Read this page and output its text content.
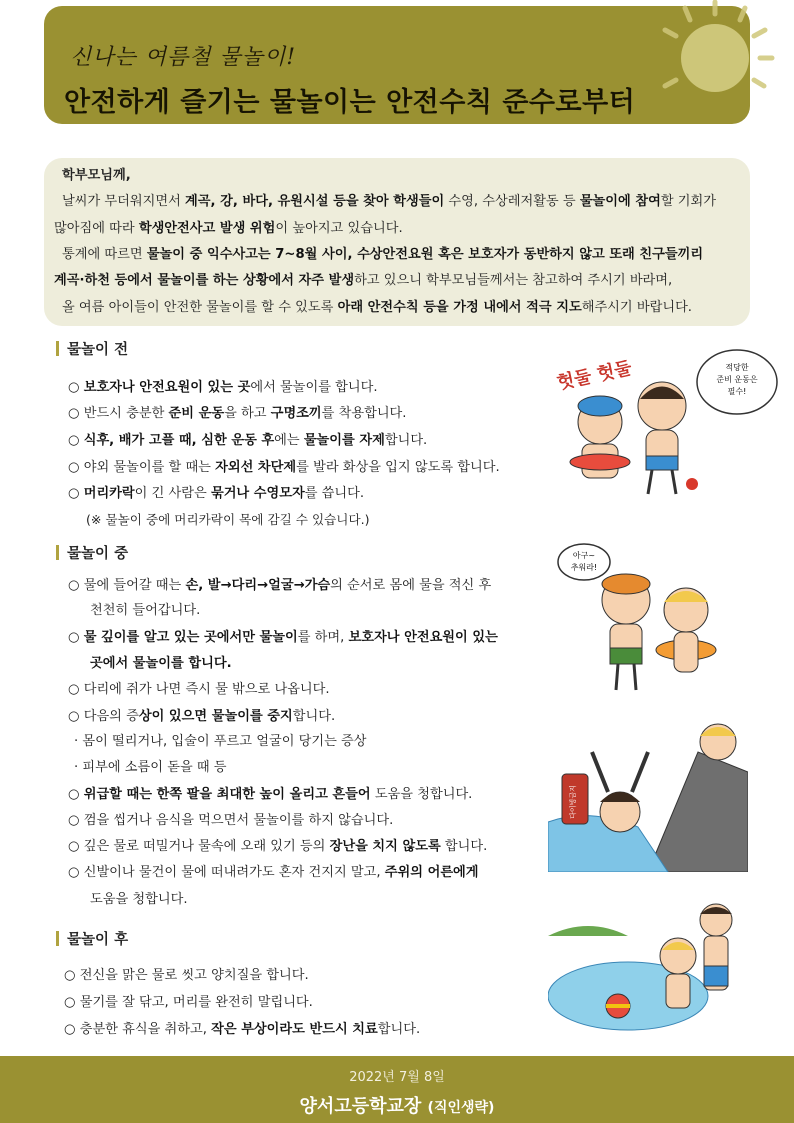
신나는 여름철 물놀이!
안전하게 즐기는 물놀이는 안전수칙 준수로부터

학부모님께,

날씨가 무더워지면서 계곡, 강, 바다, 유원시설 등을 찾아 학생들이 수영, 수상레저활동 등 물놀이에 참여할 기회가

많아짐에 따라 학생안전사고 발생 위험이 높아지고 있습니다.

통계에 따르면 물놀이 중 익수사고는 7~8월 사이, 수상안전요원 혹은 보호자가 동반하지 않고 또래 친구들끼리

계곡·하천 등에서 물놀이를 하는 상황에서 자주 발생하고 있으니 학부모님들께서는 참고하여 주시기 바라며,

올 여름 아이들이 안전한 물놀이를 할 수 있도록 아래 안전수칙 등을 가정 내에서 적극 지도해주시기 바랍니다.

물놀이 전

○ 보호자나 안전요원이 있는 곳에서 물놀이를 합니다.

○ 반드시 충분한 준비 운동을 하고 구명조끼를 착용합니다.

○ 식후, 배가 고플 때, 심한 운동 후에는 물놀이를 자제합니다.

○ 야외 물놀이를 할 때는 자외선 차단제를 발라 화상을 입지 않도록 합니다.

○ 머리카락이 긴 사람은 묶거나 수영모자를 씁니다.

(※ 물놀이 중에 머리카락이 목에 감길 수 있습니다.)

헛둘 헛둘	적당한
준비 운동은
필수!
물놀이 중

○ 물에 들어갈 때는 손, 발→다리→얼굴→가슴의 순서로 몸에 물을 적신 후

천천히 들어갑니다.

○ 물 깊이를 알고 있는 곳에서만 물놀이를 하며, 보호자나 안전요원이 있는

곳에서 물놀이를 합니다.

○ 다리에 쥐가 나면 즉시 물 밖으로 나옵니다.

○ 다음의 증상이 있으면 물놀이를 중지합니다.

· 몸이 떨리거나, 입술이 푸르고 얼굴이 당기는 증상

· 피부에 소름이 돋을 때 등

○ 위급할 때는 한쪽 팔을 최대한 높이 올리고 흔들어 도움을 청합니다.

○ 껌을 씹거나 음식을 먹으면서 물놀이를 하지 않습니다.

○ 깊은 물로 떠밀거나 물속에 오래 있기 등의 장난을 치지 않도록 합니다.

○ 신발이나 물건이 물에 떠내려가도 혼자 건지지 말고, 주위의 어른에게

도움을 청합니다.

아구~
추워라!
다이빙금지
물놀이 후

○ 전신을 맑은 물로 씻고 양치질을 합니다.

○ 물기를 잘 닦고, 머리를 완전히 말립니다.

○ 충분한 휴식을 취하고, 작은 부상이라도 반드시 치료합니다.

2022년 7월 8일
양서고등학교장 (직인생략)
